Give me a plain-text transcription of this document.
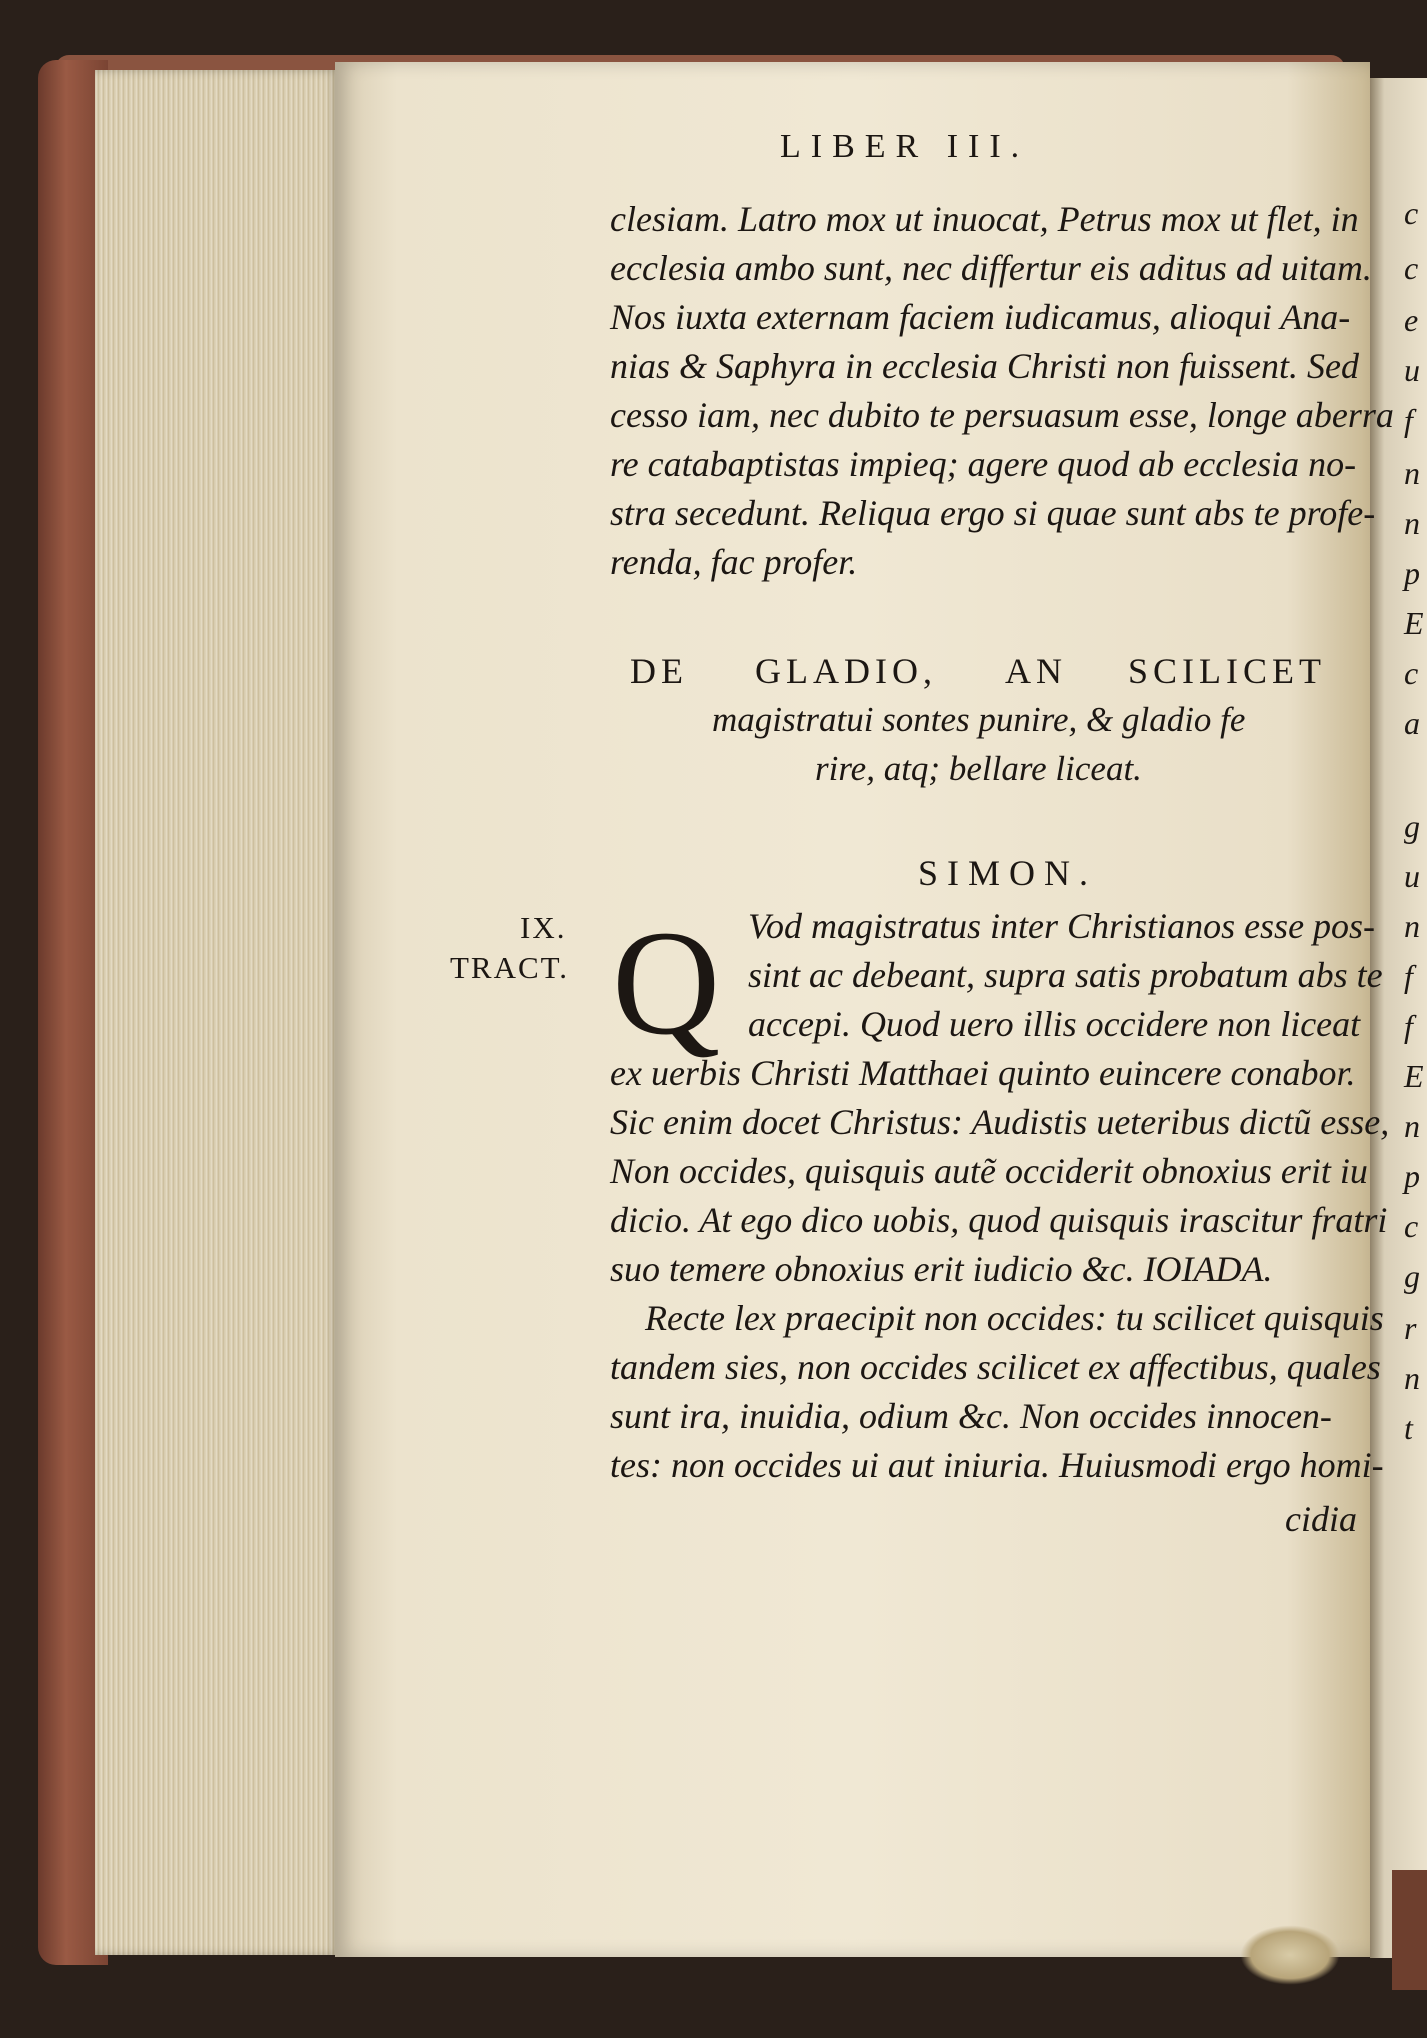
LIBER III.
clesiam. Latro mox ut inuocat, Petrus mox ut flet, in
ecclesia ambo sunt, nec differtur eis aditus ad uitam.
Nos iuxta externam faciem iudicamus, alioqui Ana-
nias & Saphyra in ecclesia Christi non fuissent. Sed
cesso iam, nec dubito te persuasum esse, longe aberra
re catabaptistas impieq; agere quod ab ecclesia no-
stra secedunt. Reliqua ergo si quae sunt abs te profe-
renda, fac profer.
DE GLADIO, AN SCILICET
magistratui sontes punire, & gladio fe
rire, atq; bellare liceat.
SIMON.
IX.
TRACT. Q Vod magistratus inter Christianos esse pos-
sint ac debeant, supra satis probatum abs te
accepi. Quod uero illis occidere non liceat
ex uerbis Christi Matthaei quinto euincere conabor.
Sic enim docet Christus: Audistis ueteribus dictũ esse,
Non occides, quisquis autẽ occiderit obnoxius erit iu
dicio. At ego dico uobis, quod quisquis irascitur fratri
suo temere obnoxius erit iudicio &c. IOIADA.
Recte lex praecipit non occides: tu scilicet quisquis
tandem sies, non occides scilicet ex affectibus, quales
sunt ira, inuidia, odium &c. Non occides innocen-
tes: non occides ui aut iniuria. Huiusmodi ergo homi-
cidia
c
c
e
u
f
n
n
p
E
c
a
g
u
n
f
f
E
n
p
c
g
r
n
t
